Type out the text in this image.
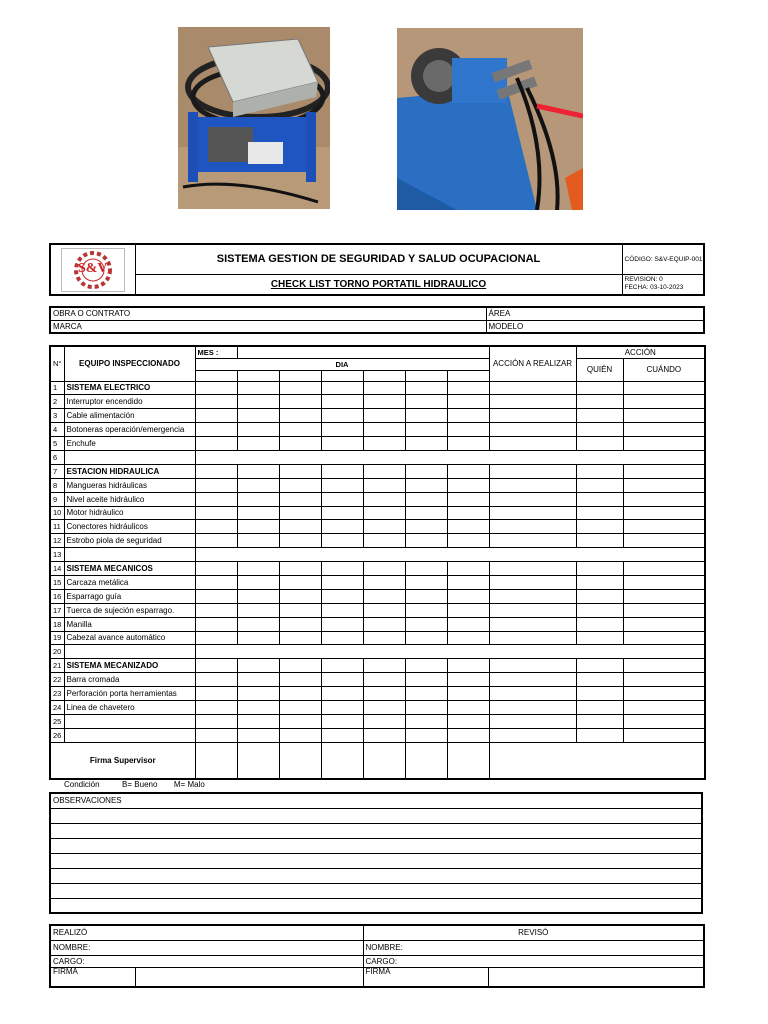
S&V	SISTEMA GESTION DE SEGURIDAD Y SALUD OCUPACIONAL	CÓDIGO: S&V-EQUIP-001
	CHECK LIST TORNO PORTATIL HIDRAULICO	REVISION: 0
FECHA: 03-10-2023
OBRA O CONTRATO	ÁREA
MARCA	MODELO
N°	EQUIPO INSPECCIONADO	MES :							ACCIÓN A REALIZAR	ACCIÓN	
		DIA								QUIÉN	CUÁNDO

1	SISTEMA ELECTRICO										
2	Interruptor encendido										
3	Cable alimentación										
4	Botoneras operación/emergencia										
5	Enchufe										
6											
7	ESTACION HIDRAULICA										
8	Mangueras hidráulicas										
9	Nivel aceite hidráulico										
10	Motor hidráulico										
11	Conectores hidráulicos										
12	Estrobo piola de seguridad										
13											
14	SISTEMA MECANICOS										
15	Carcaza metálica										
16	Esparrago guía										
17	Tuerca de sujeción esparrago.										
18	Manilla										
19	Cabezal avance automático										
20											
21	SISTEMA MECANIZADO										
22	Barra cromada										
23	Perforación porta herramientas										
24	Linea de chavetero										
25											
26											
Firma Supervisor											
Condición	B= Bueno M= Malo
OBSERVACIONES

REALIZÓ		REVISÓ	
NOMBRE:		NOMBRE:	
CARGO:		CARGO:	
FIRMA		FIRMA	
